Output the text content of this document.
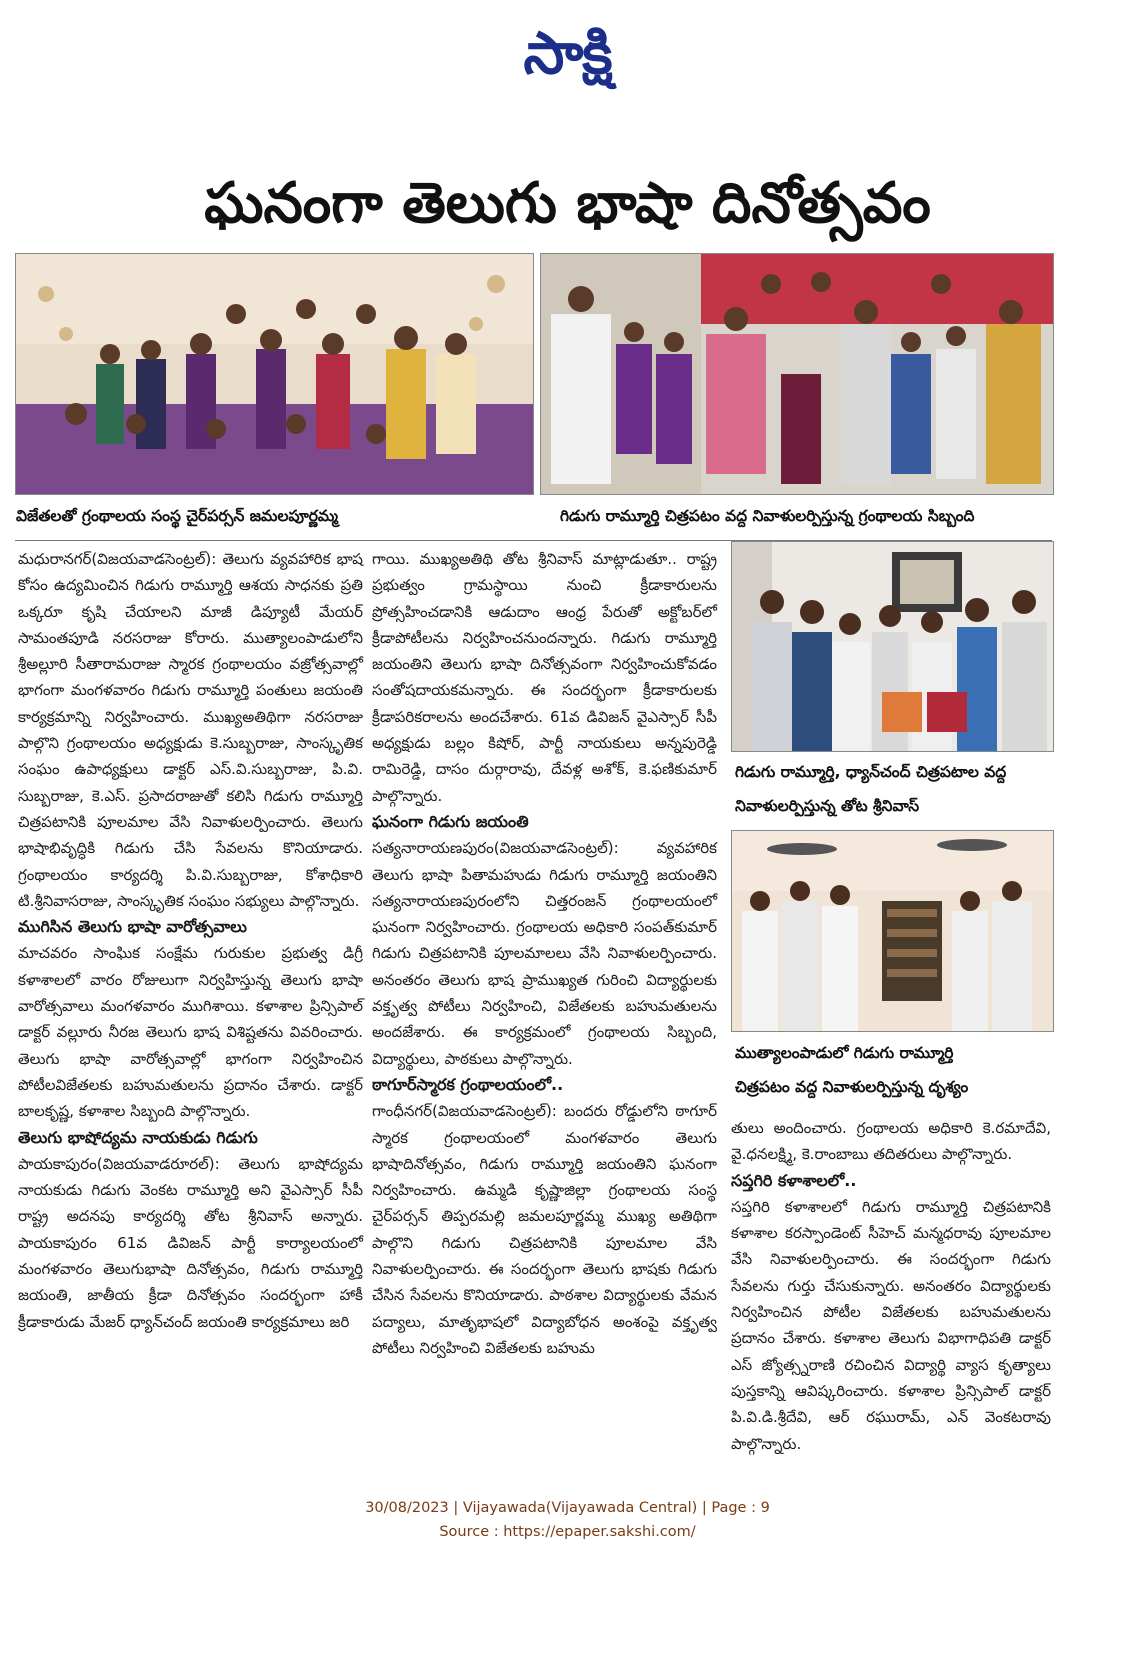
సాక్షి
ఘనంగా తెలుగు భాషా దినోత్సవం
విజేతలతో గ్రంథాలయ సంస్థ చైర్‌పర్సన్ జమలపూర్ణమ్మ	గిడుగు రామ్మూర్తి చిత్రపటం వద్ద నివాళులర్పిస్తున్న గ్రంథాలయ సిబ్బంది

మధురానగర్(విజయవాడసెంట్రల్): తెలుగు వ్యవహారిక భాష కోసం ఉద్యమించిన గిడుగు రామ్మూర్తి ఆశయ సాధనకు ప్రతి ఒక్కరూ కృషి చేయాలని మాజీ డిప్యూటీ మేయర్ సామంతపూడి నరసరాజు కోరారు. ముత్యాలంపాడులోని శ్రీఅల్లూరి సీతారామరాజు స్మారక గ్రంథాలయం వజ్రోత్సవాల్లో భాగంగా మంగళవారం గిడుగు రామ్మూర్తి పంతులు జయంతి కార్యక్రమాన్ని నిర్వహించారు. ముఖ్యఅతిథిగా నరసరాజు పాల్గొని గ్రంథాలయం అధ్యక్షుడు కె.సుబ్బరాజు, సాంస్కృతిక సంఘం ఉపాధ్యక్షులు డాక్టర్ ఎస్.వి.సుబ్బరాజు, పి.వి. సుబ్బరాజు, కె.ఎస్. ప్రసాదరాజుతో కలిసి గిడుగు రామ్మూర్తి చిత్రపటానికి పూలమాల వేసి నివాళులర్పించారు. తెలుగు భాషాభివృద్ధికి గిడుగు చేసి సేవలను కొనియాడారు. గ్రంథాలయం కార్యదర్శి పి.వి.సుబ్బరాజు, కోశాధికారి టి.శ్రీనివాసరాజు, సాంస్కృతిక సంఘం సభ్యులు పాల్గొన్నారు.

ముగిసిన తెలుగు భాషా వారోత్సవాలు

మాచవరం సాంఘిక సంక్షేమ గురుకుల ప్రభుత్వ డిగ్రీ కళాశాలలో వారం రోజులుగా నిర్వహిస్తున్న తెలుగు భాషా వారోత్సవాలు మంగళవారం ముగిశాయి. కళాశాల ప్రిన్సిపాల్ డాక్టర్ వల్లూరు నీరజ తెలుగు భాష విశిష్టతను వివరించారు. తెలుగు భాషా వారోత్సవాల్లో భాగంగా నిర్వహించిన పోటీలవిజేతలకు బహుమతులను ప్రదానం చేశారు. డాక్టర్ బాలకృష్ణ, కళాశాల సిబ్బంది పాల్గొన్నారు.

తెలుగు భాషోద్యమ నాయకుడు గిడుగు

పాయకాపురం(విజయవాడరూరల్): తెలుగు భాషోద్యమ నాయకుడు గిడుగు వెంకట రామ్మూర్తి అని వైఎస్సార్ సీపీ రాష్ట్ర అదనపు కార్యదర్శి తోట శ్రీనివాస్ అన్నారు. పాయకాపురం 61వ డివిజన్ పార్టీ కార్యాలయంలో మంగళవారం తెలుగుభాషా దినోత్సవం, గిడుగు రామ్మూర్తి జయంతి, జాతీయ క్రీడా దినోత్సవం సందర్భంగా హాకీ క్రీడాకారుడు మేజర్ ధ్యాన్‌చంద్ జయంతి కార్యక్రమాలు జరి

గాయి. ముఖ్యఅతిథి తోట శ్రీనివాస్ మాట్లాడుతూ.. రాష్ట్ర ప్రభుత్వం గ్రామస్థాయి నుంచి క్రీడాకారులను ప్రోత్సహించడానికి ఆడుదాం ఆంధ్ర పేరుతో అక్టోబర్‌లో క్రీడాపోటీలను నిర్వహించనుందన్నారు. గిడుగు రామ్మూర్తి జయంతిని తెలుగు భాషా దినోత్సవంగా నిర్వహించుకోవడం సంతోషదాయకమన్నారు. ఈ సందర్భంగా క్రీడాకారులకు క్రీడాపరికరాలను అందచేశారు. 61వ డివిజన్ వైఎస్సార్ సీపీ అధ్యక్షుడు బల్లం కిషోర్, పార్టీ నాయకులు అన్నపురెడ్డి రామిరెడ్డి, దాసం దుర్గారావు, దేవళ్ల అశోక్, కె.ఫణికుమార్ పాల్గొన్నారు.

ఘనంగా గిడుగు జయంతి

సత్యనారాయణపురం(విజయవాడసెంట్రల్): వ్యవహారిక తెలుగు భాషా పితామహుడు గిడుగు రామ్మూర్తి జయంతిని సత్యనారాయణపురంలోని చిత్తరంజన్ గ్రంథాలయంలో ఘనంగా నిర్వహించారు. గ్రంథాలయ అధికారి సంపత్‌కుమార్ గిడుగు చిత్రపటానికి పూలమాలలు వేసి నివాళులర్పించారు. అనంతరం తెలుగు భాష ప్రాముఖ్యత గురించి విద్యార్థులకు వక్తృత్వ పోటీలు నిర్వహించి, విజేతలకు బహుమతులను అందజేశారు. ఈ కార్యక్రమంలో గ్రంథాలయ సిబ్బంది, విద్యార్థులు, పాఠకులు పాల్గొన్నారు.

ఠాగూర్‌స్మారక గ్రంథాలయంలో..

గాంధీనగర్(విజయవాడసెంట్రల్): బందరు రోడ్డులోని ఠాగూర్ స్మారక గ్రంథాలయంలో మంగళవారం తెలుగు భాషాదినోత్సవం, గిడుగు రామ్మూర్తి జయంతిని ఘనంగా నిర్వహించారు. ఉమ్మడి కృష్ణాజిల్లా గ్రంథాలయ సంస్థ చైర్‌పర్సన్ తిప్పరమల్లి జమలపూర్ణమ్మ ముఖ్య అతిథిగా పాల్గొని గిడుగు చిత్రపటానికి పూలమాల వేసి నివాళులర్పించారు. ఈ సందర్భంగా తెలుగు భాషకు గిడుగు చేసిన సేవలను కొనియాడారు. పాఠశాల విద్యార్థులకు వేమన పద్యాలు, మాతృభాషలో విద్యాబోధన అంశంపై వక్తృత్వ పోటీలు నిర్వహించి విజేతలకు బహుమ

గిడుగు రామ్మూర్తి, ధ్యాన్‌చంద్ చిత్రపటాల వద్ద
నివాళులర్పిస్తున్న తోట శ్రీనివాస్
ముత్యాలంపాడులో గిడుగు రామ్మూర్తి
చిత్రపటం వద్ద నివాళులర్పిస్తున్న దృశ్యం

తులు అందించారు. గ్రంథాలయ అధికారి కె.రమాదేవి, వై.ధనలక్ష్మి, కె.రాంబాబు తదితరులు పాల్గొన్నారు.

సప్తగిరి కళాశాలలో..

సప్తగిరి కళాశాలలో గిడుగు రామ్మూర్తి చిత్రపటానికి కళాశాల కరస్పాండెంట్ సీహెచ్ మన్మధరావు పూలమాల వేసి నివాళులర్పించారు. ఈ సందర్భంగా గిడుగు సేవలను గుర్తు చేసుకున్నారు. అనంతరం విద్యార్థులకు నిర్వహించిన పోటీల విజేతలకు బహుమతులను ప్రదానం చేశారు. కళాశాల తెలుగు విభాగాధిపతి డాక్టర్ ఎస్ జ్యోత్స్నరాణి రచించిన విద్యార్థి వ్యాస కృత్యాలు పుస్తకాన్ని ఆవిష్కరించారు. కళాశాల ప్రిన్సిపాల్ డాక్టర్ పి.వి.డి.శ్రీదేవి, ఆర్ రఘురామ్, ఎన్ వెంకటరావు పాల్గొన్నారు.

30/08/2023 | Vijayawada(Vijayawada Central) | Page : 9
Source : https://epaper.sakshi.com/
